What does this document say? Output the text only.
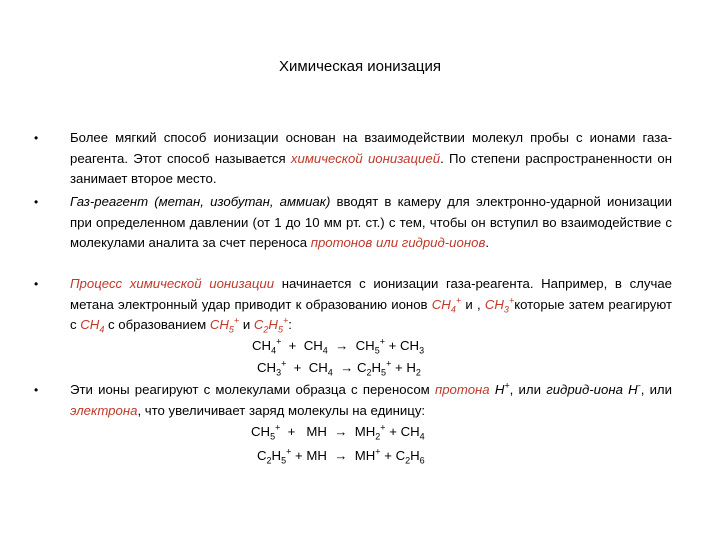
Химическая ионизация
• Более мягкий способ ионизации основан на взаимодействии молекул пробы с ионами газа-реагента. Этот способ называется химической ионизацией. По степени распространенности он занимает второе место.
• Газ-реагент (метан, изобутан, аммиак) вводят в камеру для электронно-ударной ионизации при определенном давлении (от 1 до 10 мм рт. ст.) с тем, чтобы он вступил во взаимодействие с молекулами аналита за счет переноса протонов или гидрид-ионов.
• Процесс химической ионизации начинается с ионизации газа-реагента. Например, в случае метана электронный удар приводит к образованию ионов $CH_4^+$ и , $CH_3^+которые$ затем реагируют с $CH_4$ с образованием $CH_5^+$ и $C_2H_5^+$:
$CH_4^+ + CH_4 \to CH_5^+ + CH_3$
$CH_3^+ + CH_4 \to C_2H_5^+ + H_2$
• Эти ионы реагируют с молекулами образца с переносом протона H+, или гидрид-иона H-, или электрона, что увеличивает заряд молекулы на единицу:
$CH_5^+$  +   MH  →  $MH_2^+ + CH_4$
$C_2H_5^+$ + MH  →  $MH^+ + C_2H_6$
